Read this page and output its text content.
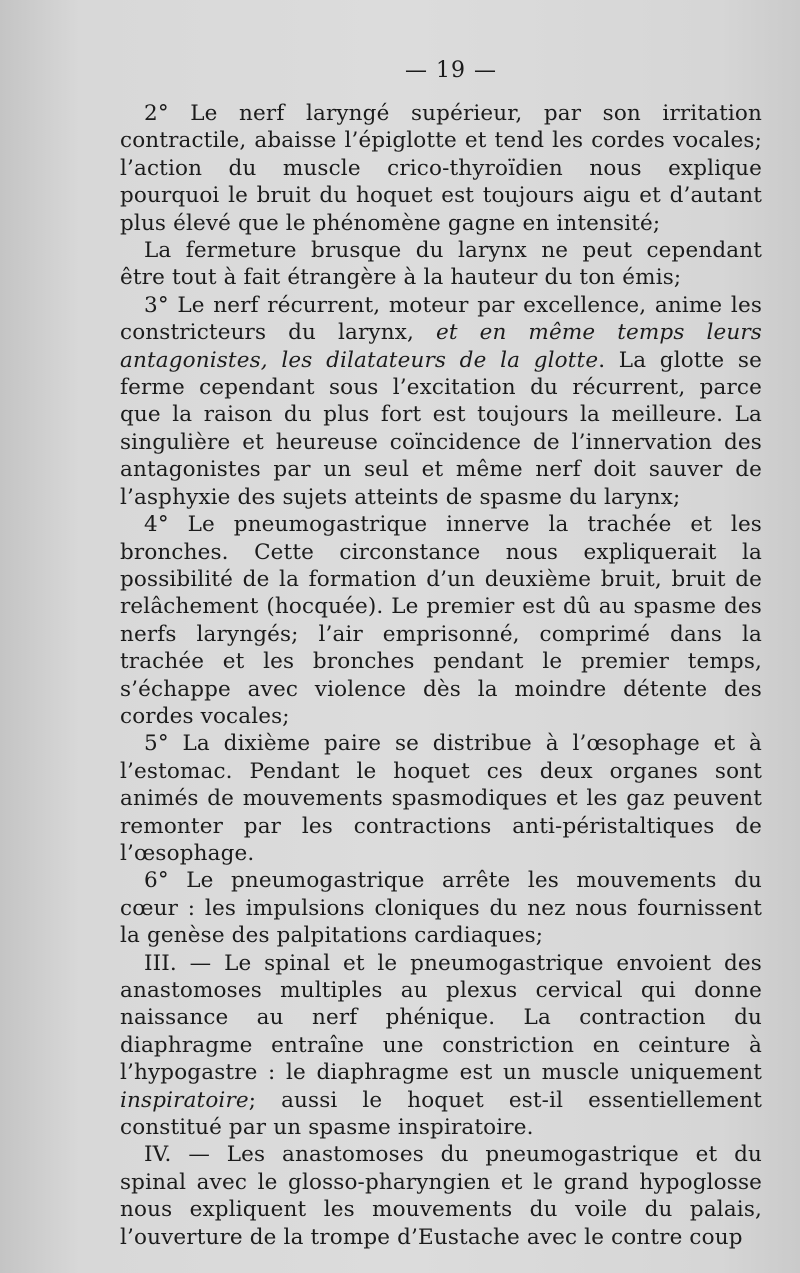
— 19 —

2° Le nerf laryngé supérieur, par son irritation contractile, abaisse l’épiglotte et tend les cordes vocales; l’action du muscle crico-thyroïdien nous explique pourquoi le bruit du hoquet est toujours aigu et d’autant plus élevé que le phénomène gagne en intensité;

La fermeture brusque du larynx ne peut cependant être tout à fait étrangère à la hauteur du ton émis;

3° Le nerf récurrent, moteur par excellence, anime les constricteurs du larynx, et en même temps leurs antagonistes, les dilatateurs de la glotte. La glotte se ferme cependant sous l’excitation du récurrent, parce que la raison du plus fort est toujours la meilleure. La singulière et heureuse coïncidence de l’innervation des antagonistes par un seul et même nerf doit sauver de l’asphyxie des sujets atteints de spasme du larynx;

4° Le pneumogastrique innerve la trachée et les bronches. Cette circonstance nous expliquerait la possibilité de la formation d’un deuxième bruit, bruit de relâchement (hocquée). Le premier est dû au spasme des nerfs laryngés; l’air emprisonné, comprimé dans la trachée et les bronches pendant le premier temps, s’échappe avec violence dès la moindre détente des cordes vocales;

5° La dixième paire se distribue à l’œsophage et à l’estomac. Pendant le hoquet ces deux organes sont animés de mouvements spasmodiques et les gaz peuvent remonter par les contractions anti-péristaltiques de l’œsophage.

6° Le pneumogastrique arrête les mouvements du cœur : les impulsions cloniques du nez nous fournissent la genèse des palpitations cardiaques;

III. — Le spinal et le pneumogastrique envoient des anastomoses multiples au plexus cervical qui donne naissance au nerf phénique. La contraction du diaphragme entraîne une constriction en ceinture à l’hypogastre : le diaphragme est un muscle uniquement inspiratoire; aussi le hoquet est-il essentiellement constitué par un spasme inspiratoire.

IV. — Les anastomoses du pneumogastrique et du spinal avec le glosso-pharyngien et le grand hypoglosse nous expliquent les mouvements du voile du palais, l’ouverture de la trompe d’Eustache avec le contre coup
